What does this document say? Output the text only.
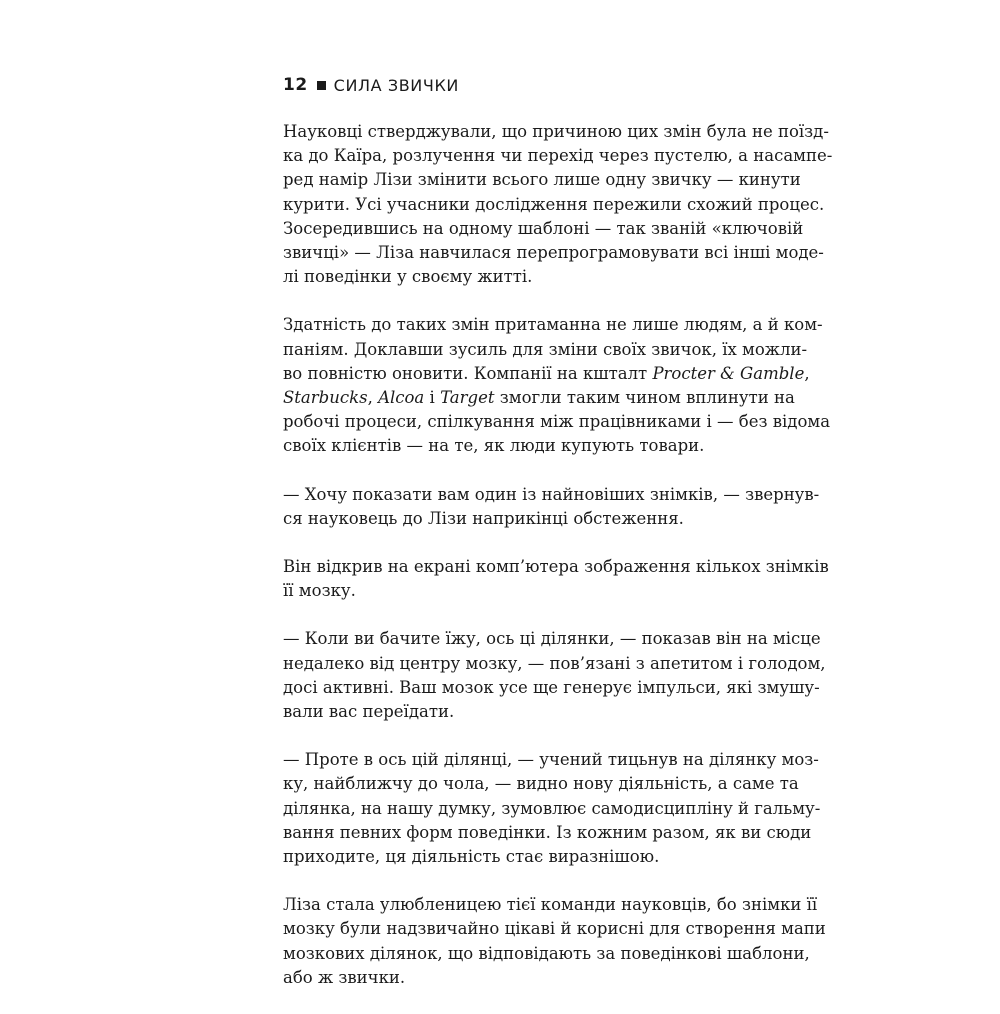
12 СИЛА ЗВИЧКИ
Науковці стверджували, що причиною цих змін була не поїзд-
ка до Каїра, розлучення чи перехід через пустелю, а насампе-
ред намір Лізи змінити всього лише одну звичку — кинути
курити. Усі учасники дослідження пережили схожий процес.
Зосередившись на одному шаблоні — так званій «ключовій
звичці» — Ліза навчилася перепрограмовувати всі інші моде-
лі поведінки у своєму житті.
Здатність до таких змін притаманна не лише людям, а й ком-
паніям. Доклавши зусиль для зміни своїх звичок, їх можли-
во повністю оновити. Компанії на кшталт Procter & Gamble,
Starbucks, Alcoa і Target змогли таким чином вплинути на
робочі процеси, спілкування між працівниками і — без відома
своїх клієнтів — на те, як люди купують товари.
— Хочу показати вам один із найновіших знімків, — звернув-
ся науковець до Лізи наприкінці обстеження.
Він відкрив на екрані комп’ютера зображення кількох знімків
її мозку.
— Коли ви бачите їжу, ось ці ділянки, — показав він на місце
недалеко від центру мозку, — пов’язані з апетитом і голодом,
досі активні. Ваш мозок усе ще генерує імпульси, які змушу-
вали вас переїдати.
— Проте в ось цій ділянці, — учений тицьнув на ділянку моз-
ку, найближчу до чола, — видно нову діяльність, а саме та
ділянка, на нашу думку, зумовлює самодисципліну й гальму-
вання певних форм поведінки. Із кожним разом, як ви сюди
приходите, ця діяльність стає виразнішою.
Ліза стала улюбленицею тієї команди науковців, бо знімки її
мозку були надзвичайно цікаві й корисні для створення мапи
мозкових ділянок, що відповідають за поведінкові шаблони,
або ж звички.
